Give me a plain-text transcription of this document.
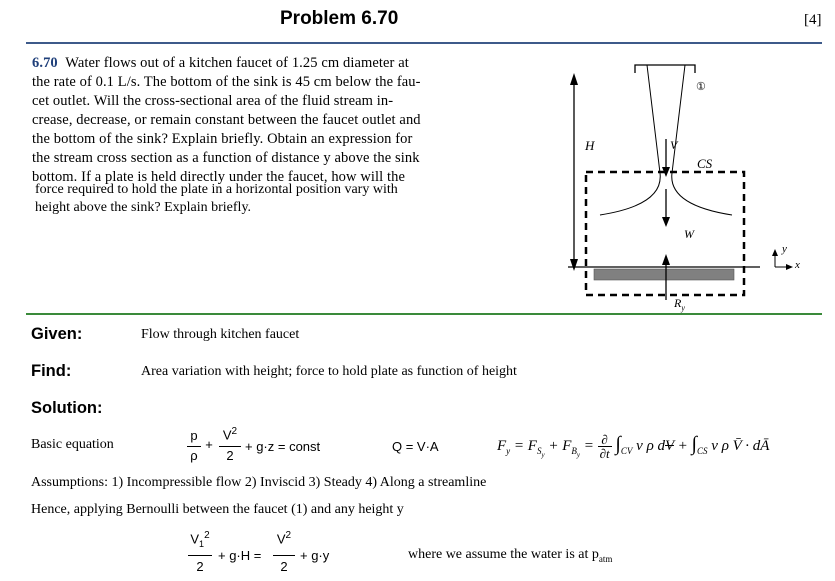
Problem 6.70	[4]
6.70 Water flows out of a kitchen faucet of 1.25 cm diameter at
the rate of 0.1 L/s. The bottom of the sink is 45 cm below the fau-
cet outlet. Will the cross-sectional area of the fluid stream in-
crease, decrease, or remain constant between the faucet outlet and
the bottom of the sink? Explain briefly. Obtain an expression for
the stream cross section as a function of distance y above the sink
bottom. If a plate is held directly under the faucet, how will the
force required to hold the plate in a horizontal position vary with
height above the sink? Explain briefly.
①
H	V
CS
W
$R_y$
y
x
Given:	Flow through kitchen faucet
Find:	Area variation with height; force to hold plate as function of height
Solution:
Basic equation
p
ρ
+
$V^2$
2
+ g·z = const	Q = V·A	$F_y = F_{S_y} + F_{B_y}$ = ∂
∂t $\int_{CV}$ v ρ dV + $\int_{CS}$ v ρ V̄ · dĀ
Assumptions: 1) Incompressible flow 2) Inviscid 3) Steady 4) Along a streamline
Hence, applying Bernoulli between the faucet (1) and any height y
$V_1^2$
2
+ g·H =
$V^2$
2
+ g·y	where we assume the water is at $p_{atm}$
